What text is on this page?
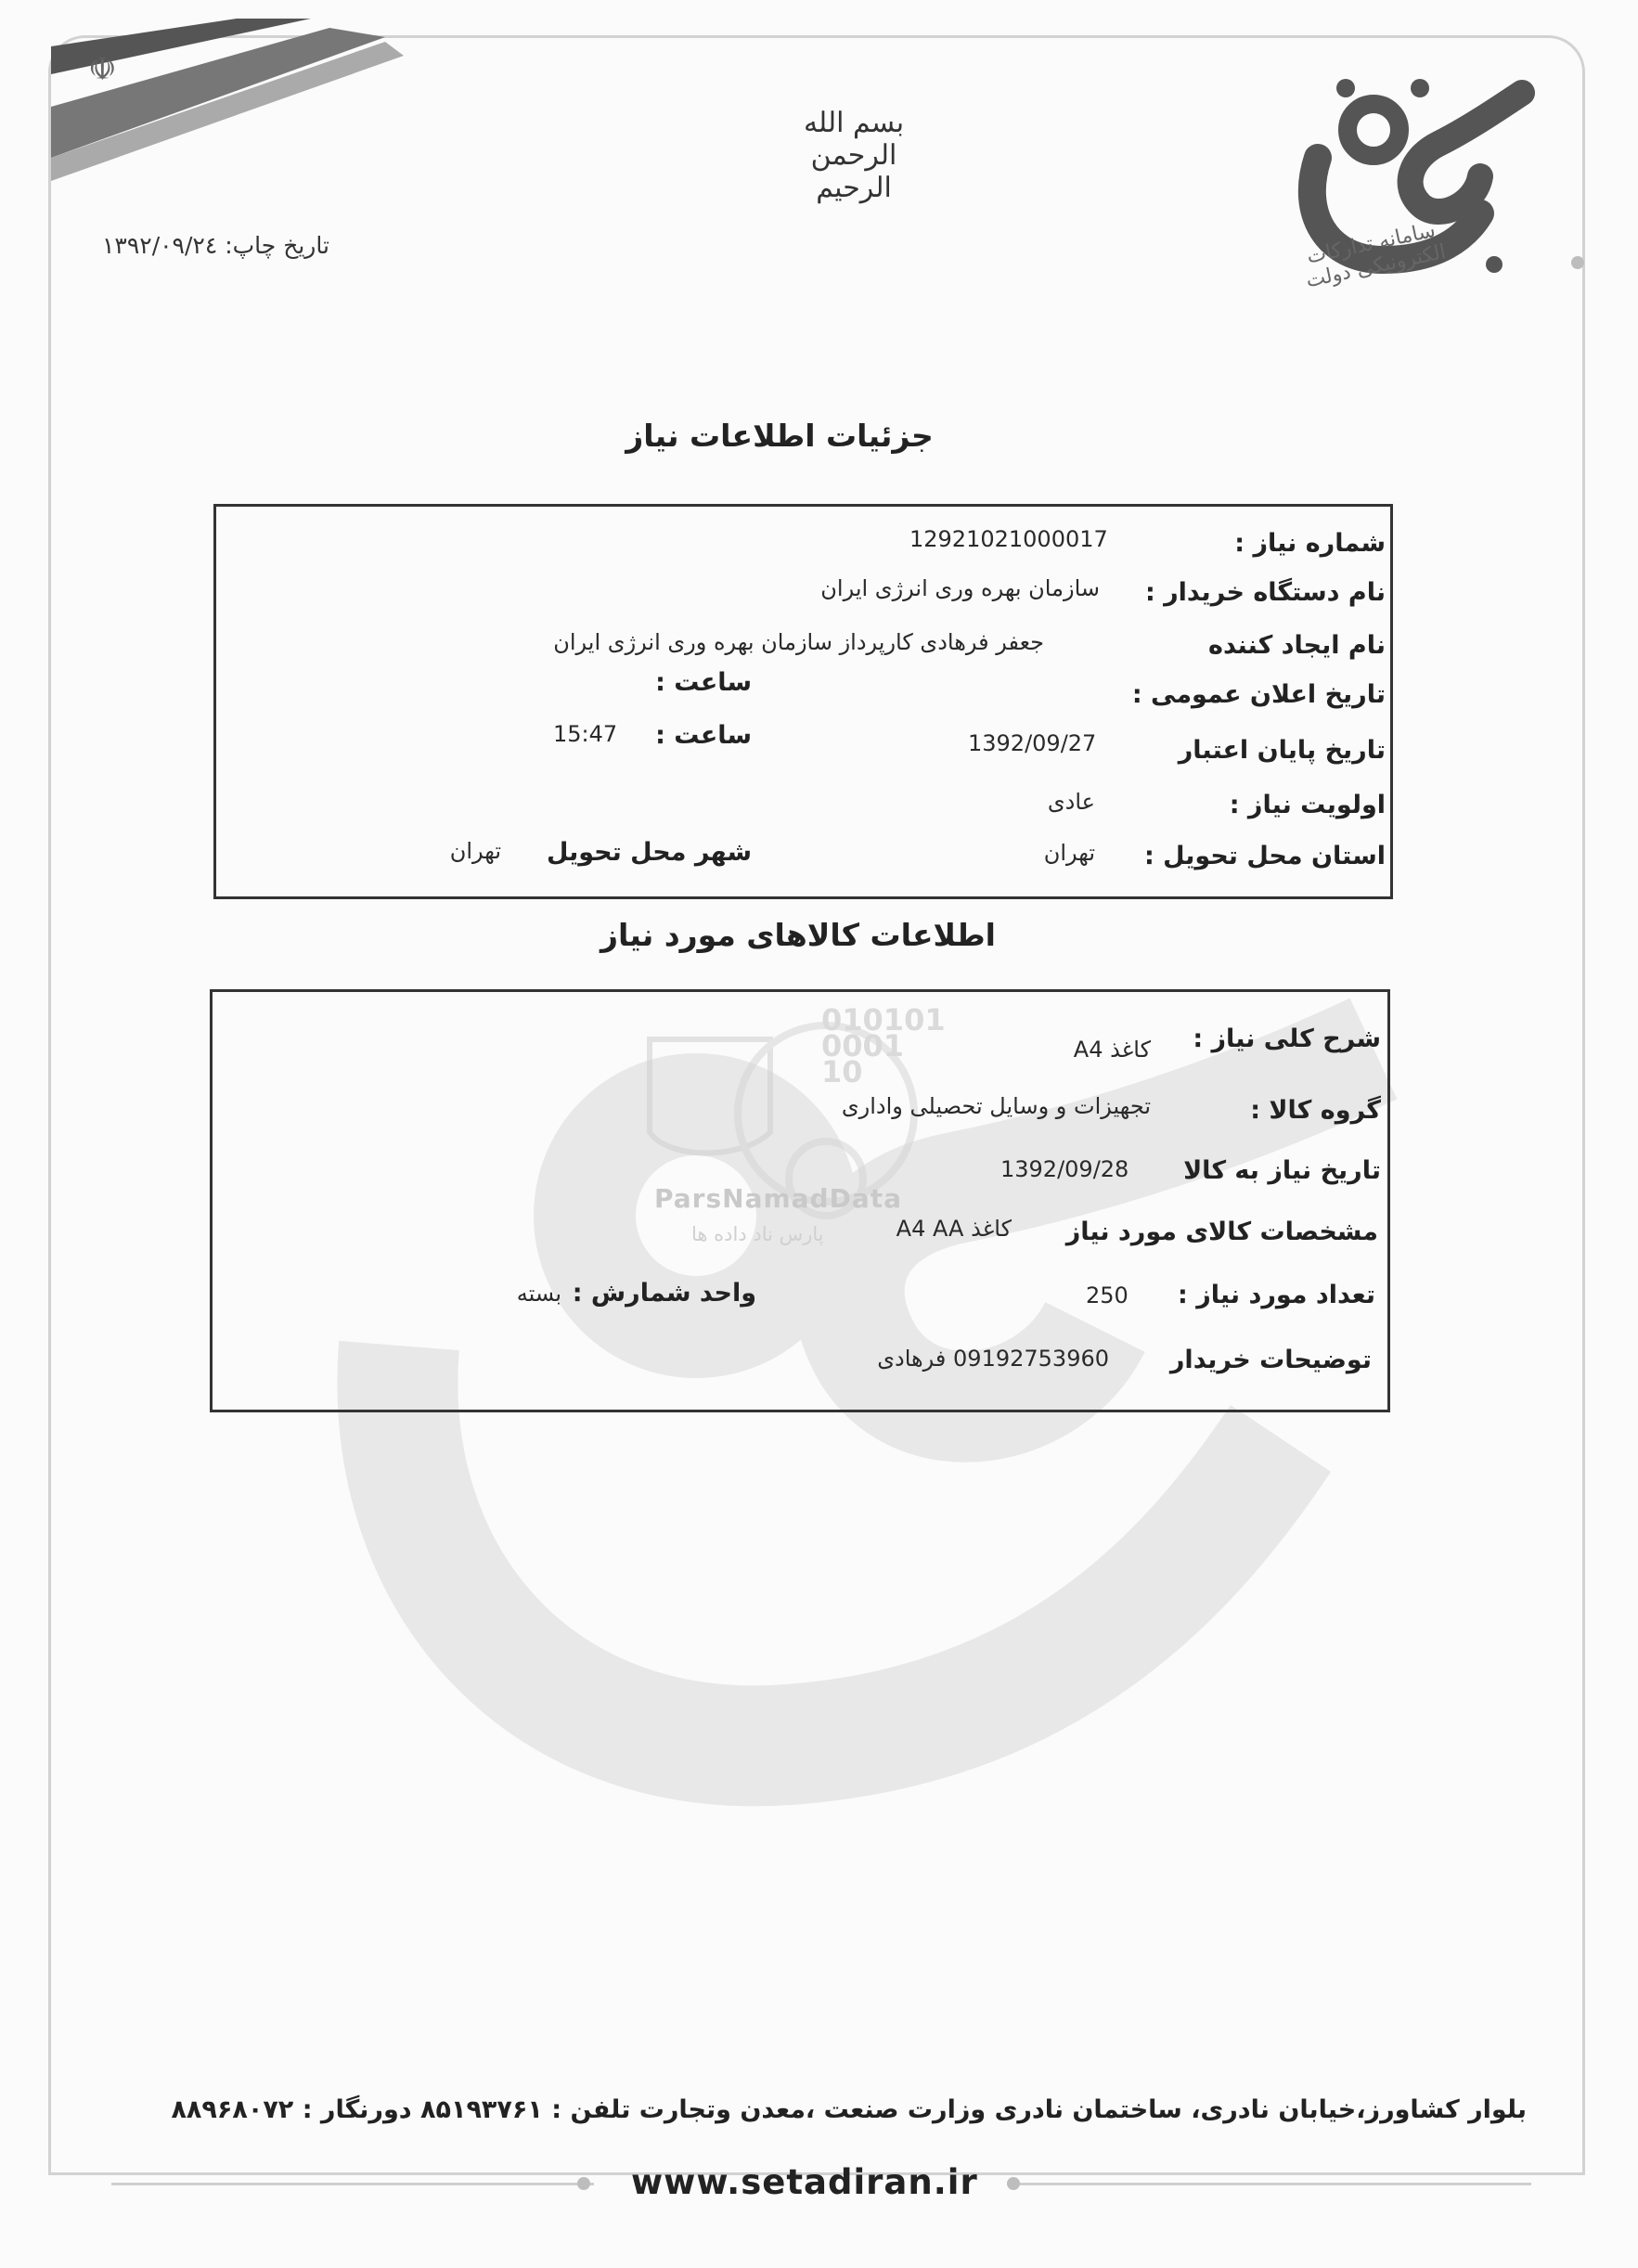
☫
بسم الله الرحمن الرحیم
سامانه تدارکات الکترونیکی دولت
تاریخ چاپ: ۱۳۹۲/۰۹/۲٤
جزئیات اطلاعات نیاز
شماره نیاز :
12921021000017
نام دستگاه خریدار :
سازمان بهره وری انرژی ایران
نام ایجاد کننده
جعفر فرهادی کارپرداز سازمان بهره وری انرژی ایران
تاریخ اعلان عمومی :
ساعت :
تاریخ پایان اعتبار
1392/09/27
ساعت :
15:47
اولویت نیاز :
عادی
استان محل تحویل :
تهران
شهر محل تحویل
تهران
اطلاعات کالاهای مورد نیاز
010101
0001
10
ParsNamadData
پارس ناد داده ها
شرح کلی نیاز :
کاغذ A4
گروه کالا :
تجهیزات و وسایل تحصیلی واداری
تاریخ نیاز به کالا
1392/09/28
مشخصات کالای مورد نیاز
کاغذ A4 AA
تعداد مورد نیاز :
250
واحد شمارش :
بسته
توضیحات خریدار
09192753960 فرهادی
بلوار کشاورز،خیابان نادری، ساختمان نادری وزارت صنعت ،معدن وتجارت تلفن : ۸۵۱۹۳۷۶۱ دورنگار : ۸۸۹۶۸۰۷۲
www.setadiran.ir
